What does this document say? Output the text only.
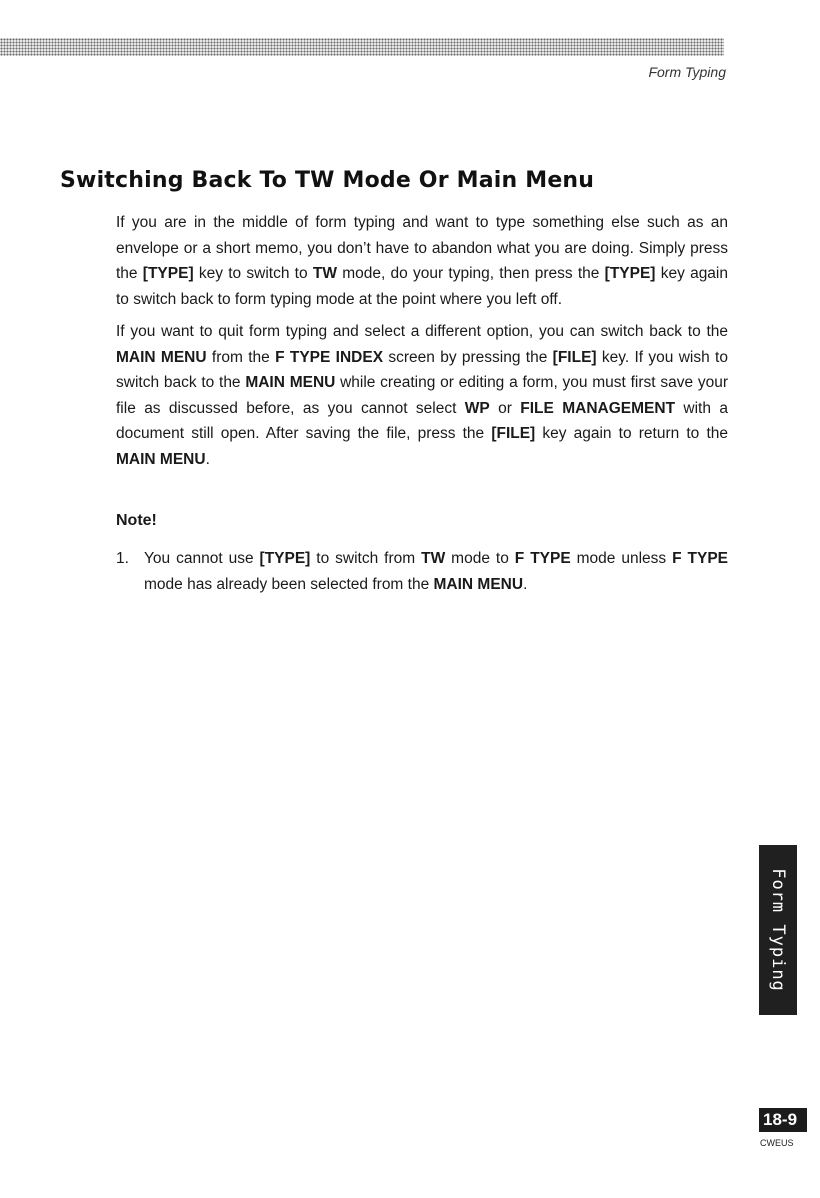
Form Typing
Switching Back To TW Mode Or Main Menu

If you are in the middle of form typing and want to type something else such as an envelope or a short memo, you don’t have to abandon what you are doing. Simply press the [TYPE] key to switch to TW mode, do your typing, then press the [TYPE] key again to switch back to form typing mode at the point where you left off.

If you want to quit form typing and select a different option, you can switch back to the MAIN MENU from the F TYPE INDEX screen by pressing the [FILE] key. If you wish to switch back to the MAIN MENU while creating or editing a form, you must first save your file as discussed before, as you cannot select WP or FILE MANAGEMENT with a document still open. After saving the file, press the [FILE] key again to return to the MAIN MENU.

Note!
1. You cannot use [TYPE] to switch from TW mode to F TYPE mode unless F TYPE mode has already been selected from the MAIN MENU.
Form Typing
18-9
CWEUS
